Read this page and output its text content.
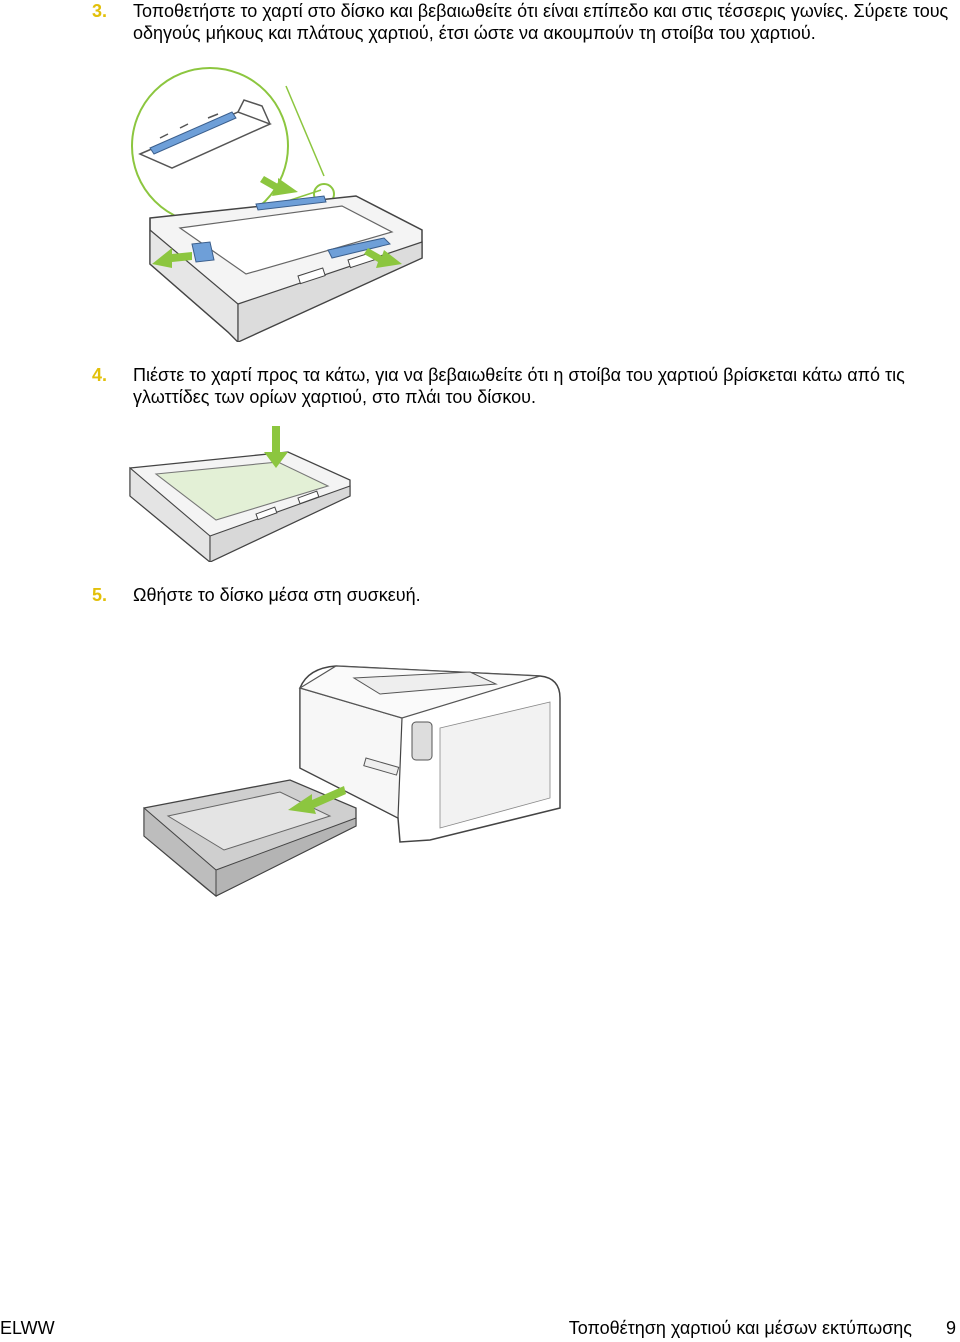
3. Τοποθετήστε το χαρτί στο δίσκο και βεβαιωθείτε ότι είναι επίπεδο και στις τέσσερις γωνίες. Σύρετε τους οδηγούς μήκους και πλάτους χαρτιού, έτσι ώστε να ακουμπούν τη στοίβα του χαρτιού.
4. Πιέστε το χαρτί προς τα κάτω, για να βεβαιωθείτε ότι η στοίβα του χαρτιού βρίσκεται κάτω από τις γλωττίδες των ορίων χαρτιού, στο πλάι του δίσκου.
5. Ωθήστε το δίσκο μέσα στη συσκευή.
ELWW	Τοποθέτηση χαρτιού και μέσων εκτύπωσης 9
